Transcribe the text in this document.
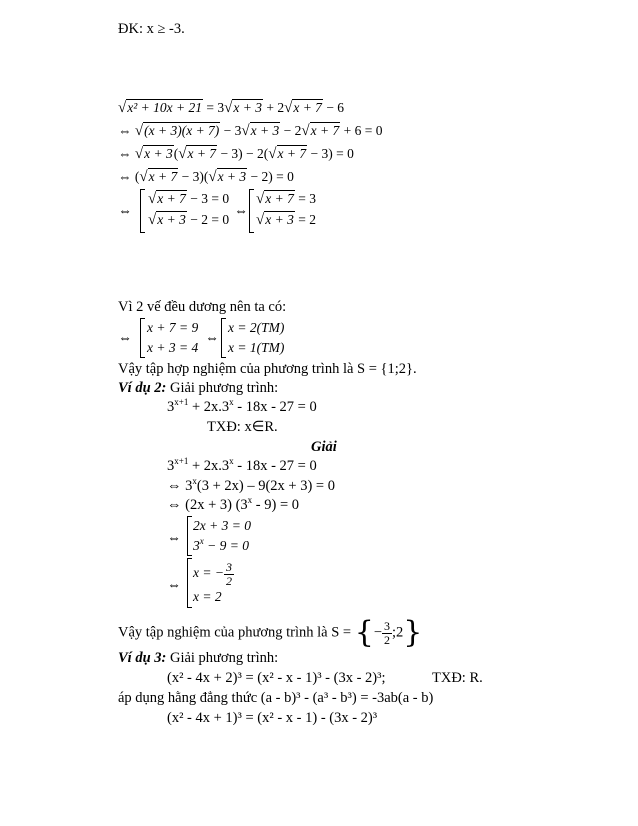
ĐK: x ≥ -3.
√x² + 10x + 21 = 3√x + 3 + 2√x + 7 − 6
⇔ √(x + 3)(x + 7) − 3√x + 3 − 2√x + 7 + 6 = 0
⇔ √x + 3(√x + 7 − 3) − 2(√x + 7 − 3) = 0
⇔ (√x + 7 − 3)(√x + 3 − 2) = 0
⇔
√x + 7 − 3 = 0
√x + 3 − 2 = 0
⇔
√x + 7 = 3
√x + 3 = 2
Vì 2 vế đều dương nên ta có:
⇔
x + 7 = 9
x + 3 = 4
⇔
x = 2(TM)
x = 1(TM)
Vậy tập hợp nghiệm của phương trình là S = {1;2}.
Ví dụ 2: Giải phương trình:
$3^{x+1} + 2x.3^x - 18x - 27 = 0$
TXĐ: x∈R.
Giải
$3^{x+1} + 2x.3^x - 18x - 27 = 0$
⇔ $3^x(3 + 2x) - 9(2x + 3) = 0$
⇔ (2x + 3) (3$^x$ - 9) = 0
⇔
2x + 3 = 0
$3^x - 9 = 0$
⇔
x = − $\frac{3}{2}$
x = 2
Vậy tập nghiệm của phương trình là S = {− $\frac{3}{2}$ ;2}
Ví dụ 3: Giải phương trình:
(x² - 4x + 2)³ = (x² - x - 1)³ - (3x - 2)³;	TXĐ: R.
áp dụng hằng đẳng thức (a - b)³ - (a³ - b³) = -3ab(a - b)
(x² - 4x + 1)³ = (x² - x - 1) - (3x - 2)³
